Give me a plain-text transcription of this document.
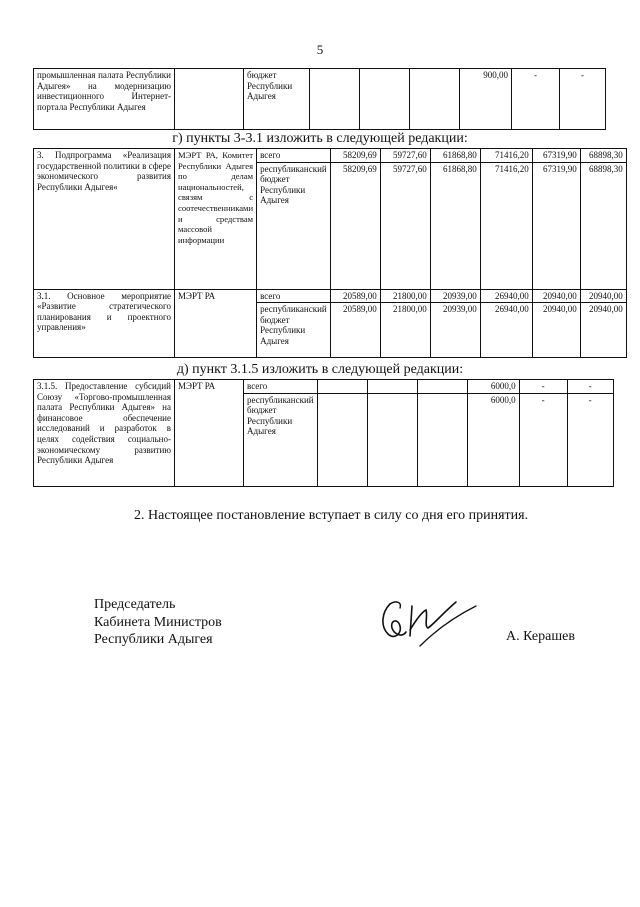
5
промышленная палата Республики Адыгея» на модернизацию инвестиционного Интернет-портала Республики Адыгея		бюджет Республики Адыгея				900,00	-	-
г) пункты 3-3.1 изложить в следующей редакции:
3. Подпрограмма «Реализация государственной политики в сфере экономического развития Республики Адыгея«	МЭРТ РА, Комитет Республики Адыгея по делам национальностей, связям с соотечественниками и средствам массовой информации	всего	58209,69	59727,60	61868,80	71416,20	67319,90	68898,30
		республиканский бюджет Республики Адыгея	58209,69	59727,60	61868,80	71416,20	67319,90	68898,30
3.1. Основное мероприятие «Развитие стратегического планирования и проектного управления»	МЭРТ РА	всего	20589,00	21800,00	20939,00	26940,00	20940,00	20940,00
		республиканский бюджет Республики Адыгея	20589,00	21800,00	20939,00	26940,00	20940,00	20940,00
д) пункт 3.1.5 изложить в следующей редакции:
3.1.5. Предоставление субсидий Союзу «Торгово-промышленная палата Республики Адыгея» на финансовое обеспечение исследований и разработок в целях содействия социально-экономическому развитию Республики Адыгея	МЭРТ РА	всего				6000,0	-	-
		республиканский бюджет Республики Адыгея				6000,0	-	-
2. Настоящее постановление вступает в силу со дня его принятия.
Председатель
Кабинета Министров
Республики Адыгея	А. Керашев
